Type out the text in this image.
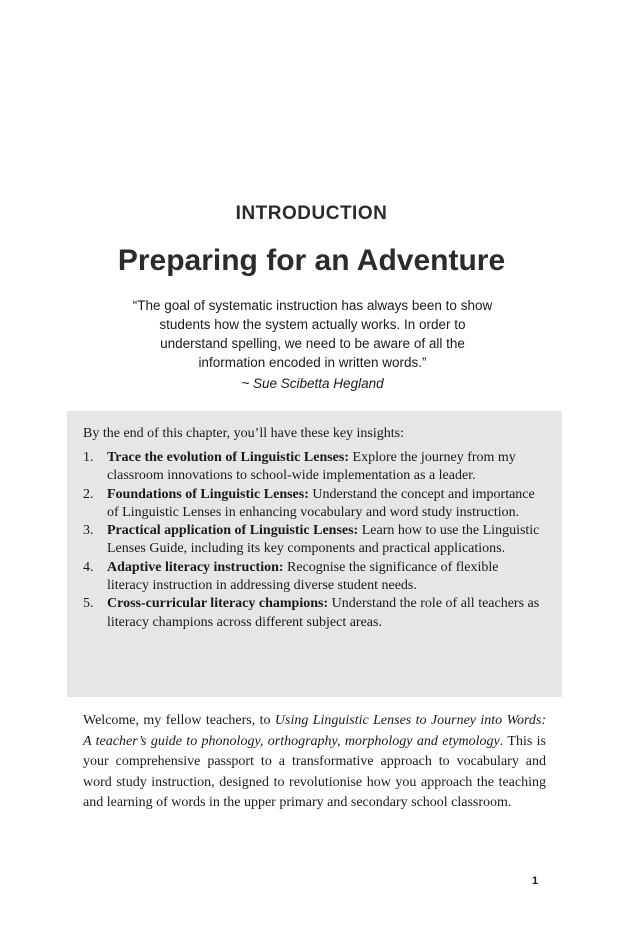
INTRODUCTION
Preparing for an Adventure
“The goal of systematic instruction has always been to show students how the system actually works. In order to understand spelling, we need to be aware of all the information encoded in written words.”
~ Sue Scibetta Hegland

By the end of this chapter, you’ll have these key insights:

1. Trace the evolution of Linguistic Lenses: Explore the journey from my classroom innovations to school-wide implementation as a leader.
2. Foundations of Linguistic Lenses: Understand the concept and importance of Linguistic Lenses in enhancing vocabulary and word study instruction.
3. Practical application of Linguistic Lenses: Learn how to use the Linguistic Lenses Guide, including its key components and practical applications.
4. Adaptive literacy instruction: Recognise the significance of flexible literacy instruction in addressing diverse student needs.
5. Cross-curricular literacy champions: Understand the role of all teachers as literacy champions across different subject areas.

Welcome, my fellow teachers, to Using Linguistic Lenses to Journey into Words: A teacher’s guide to phonology, orthography, morphology and etymology. This is your comprehensive passport to a transformative approach to vocabulary and word study instruction, designed to revolutionise how you approach the teaching and learning of words in the upper primary and secondary school classroom.

1
